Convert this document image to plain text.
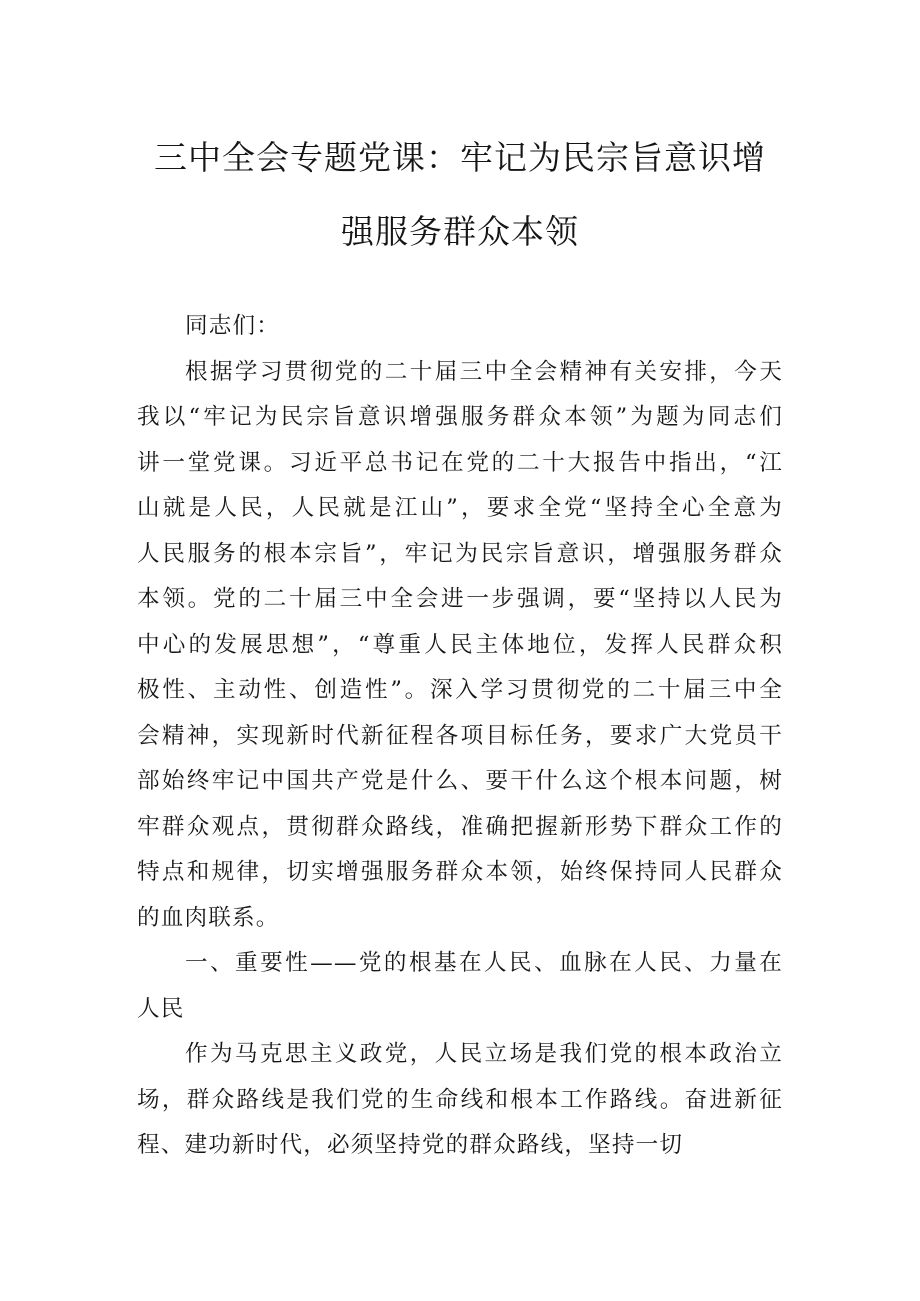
三中全会专题党课：牢记为民宗旨意识增
强服务群众本领

同志们：

根据学习贯彻党的二十届三中全会精神有关安排，今天

我以“牢记为民宗旨意识增强服务群众本领”为题为同志们

讲一堂党课。习近平总书记在党的二十大报告中指出，“江

山就是人民，人民就是江山”，要求全党“坚持全心全意为

人民服务的根本宗旨”，牢记为民宗旨意识，增强服务群众

本领。党的二十届三中全会进一步强调，要“坚持以人民为

中心的发展思想”，“尊重人民主体地位，发挥人民群众积

极性、主动性、创造性”。深入学习贯彻党的二十届三中全

会精神，实现新时代新征程各项目标任务，要求广大党员干

部始终牢记中国共产党是什么、要干什么这个根本问题，树

牢群众观点，贯彻群众路线，准确把握新形势下群众工作的

特点和规律，切实增强服务群众本领，始终保持同人民群众

的血肉联系。

一、重要性——党的根基在人民、血脉在人民、力量在

人民

作为马克思主义政党，人民立场是我们党的根本政治立

场，群众路线是我们党的生命线和根本工作路线。奋进新征

程、建功新时代，必须坚持党的群众路线，坚持一切
